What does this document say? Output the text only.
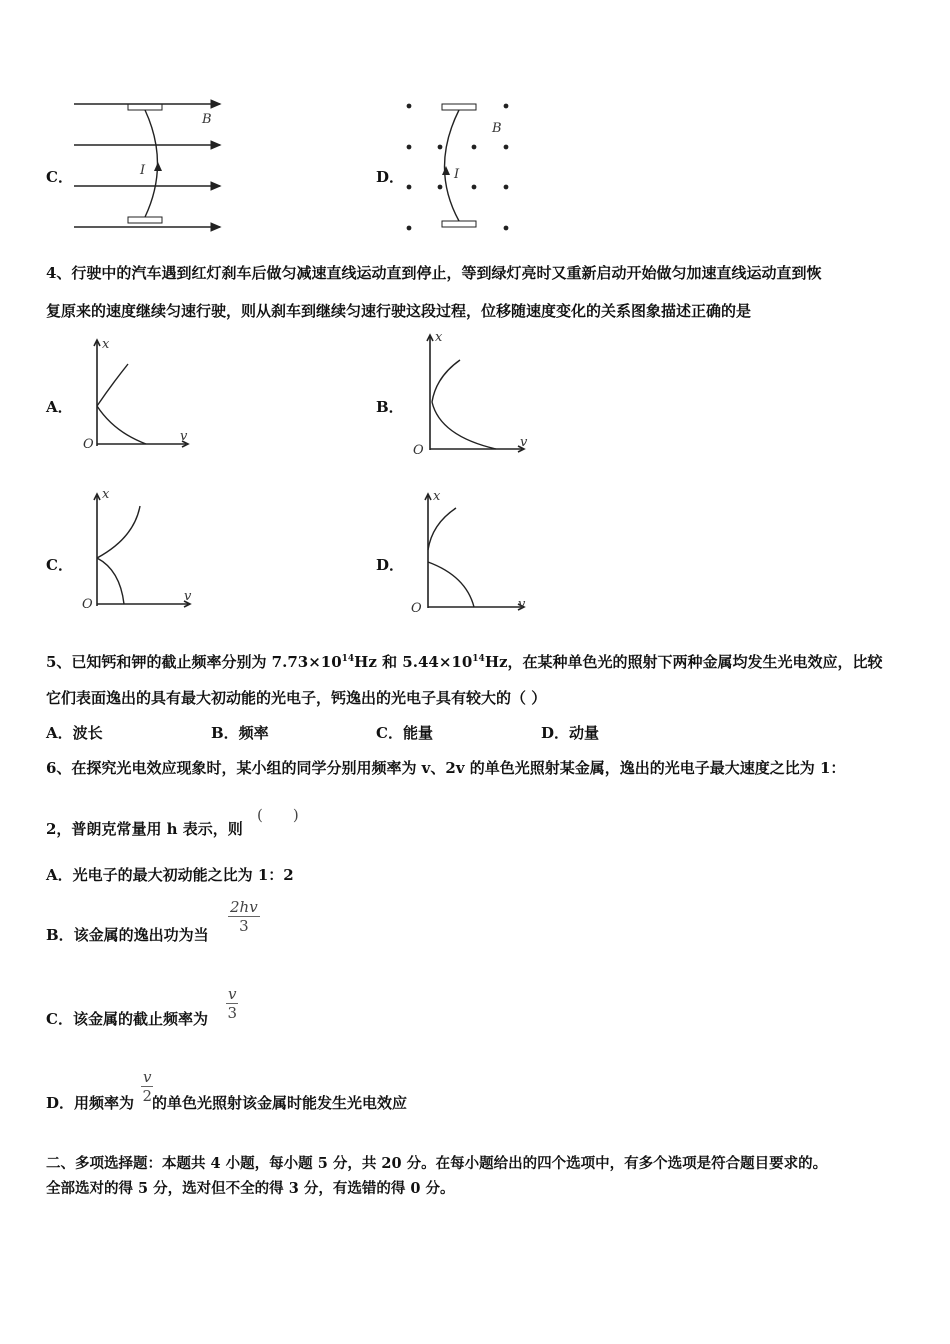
C．
B
I	D．
B
I
4、行驶中的汽车遇到红灯刹车后做匀减速直线运动直到停止，等到绿灯亮时又重新启动开始做匀加速直线运动直到恢
复原来的速度继续匀速行驶，则从刹车到继续匀速行驶这段过程，位移随速度变化的关系图象描述正确的是
A．
x
v
O
B．
x
v
O
C．
x
v
O
D．
x
v
O
5、已知钙和钾的截止频率分别为 $7.73\times 10^{14}Hz$ 和 $5.44\times 10^{14}Hz$，在某种单色光的照射下两种金属均发生光电效应，比较
它们表面逸出的具有最大初动能的光电子，钙逸出的光电子具有较大的（ ）
A．波长	B．频率	C．能量	D．动量
6、在探究光电效应现象时，某小组的同学分别用频率为 v、2v 的单色光照射某金属，逸出的光电子最大速度之比为 1：
2，普朗克常量用 h 表示，则
(　　)
A．光电子的最大初动能之比为 1：2
B．该金属的逸出功为当 $\frac{2hv}{3}$
C．该金属的截止频率为 $\frac{v}{3}$
D．用频率为 的单色光照射该金属时能发生光电效应
$\frac{v}{2}$
二、多项选择题：本题共 4 小题，每小题 5 分，共 20 分。在每小题给出的四个选项中，有多个选项是符合题目要求的。
全部选对的得 5 分，选对但不全的得 3 分，有选错的得 0 分。
